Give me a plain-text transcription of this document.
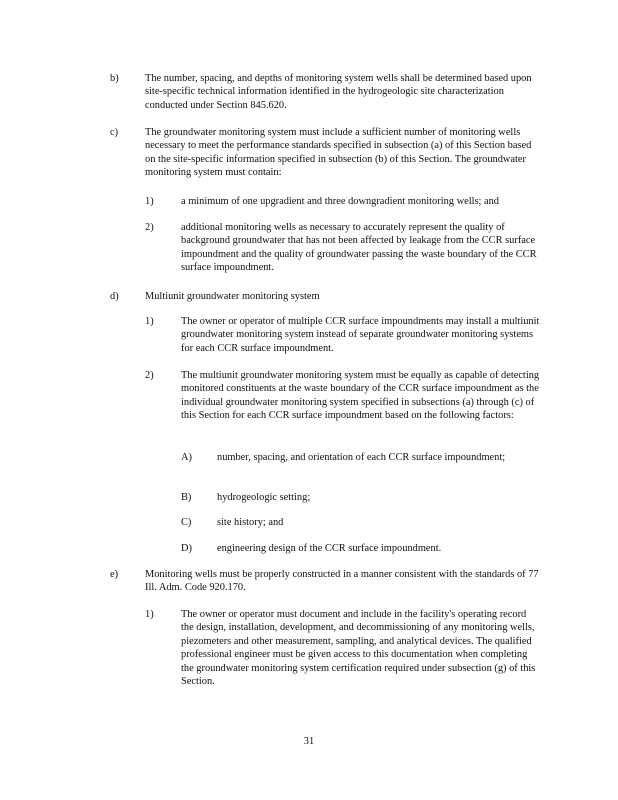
b)	The number, spacing, and depths of monitoring system wells shall be determined based upon site-specific technical information identified in the hydrogeologic site characterization conducted under Section 845.620.
c)	The groundwater monitoring system must include a sufficient number of monitoring wells necessary to meet the performance standards specified in subsection (a) of this Section based on the site-specific information specified in subsection (b) of this Section. The groundwater monitoring system must contain:
1)	a minimum of one upgradient and three downgradient monitoring wells; and
2)	additional monitoring wells as necessary to accurately represent the quality of background groundwater that has not been affected by leakage from the CCR surface impoundment and the quality of groundwater passing the waste boundary of the CCR surface impoundment.
d)	Multiunit groundwater monitoring system
1)	The owner or operator of multiple CCR surface impoundments may install a multiunit groundwater monitoring system instead of separate groundwater monitoring systems for each CCR surface impoundment.
2)	The multiunit groundwater monitoring system must be equally as capable of detecting monitored constituents at the waste boundary of the CCR surface impoundment as the individual groundwater monitoring system specified in subsections (a) through (c) of this Section for each CCR surface impoundment based on the following factors:
A) number, spacing, and orientation of each CCR surface impoundment;
B) hydrogeologic setting;
C) site history; and
D) engineering design of the CCR surface impoundment.
e)	Monitoring wells must be properly constructed in a manner consistent with the standards of 77 Ill. Adm. Code 920.170.
1)	The owner or operator must document and include in the facility's operating record the design, installation, development, and decommissioning of any monitoring wells, piezometers and other measurement, sampling, and analytical devices. The qualified professional engineer must be given access to this documentation when completing the groundwater monitoring system certification required under subsection (g) of this Section.
31
